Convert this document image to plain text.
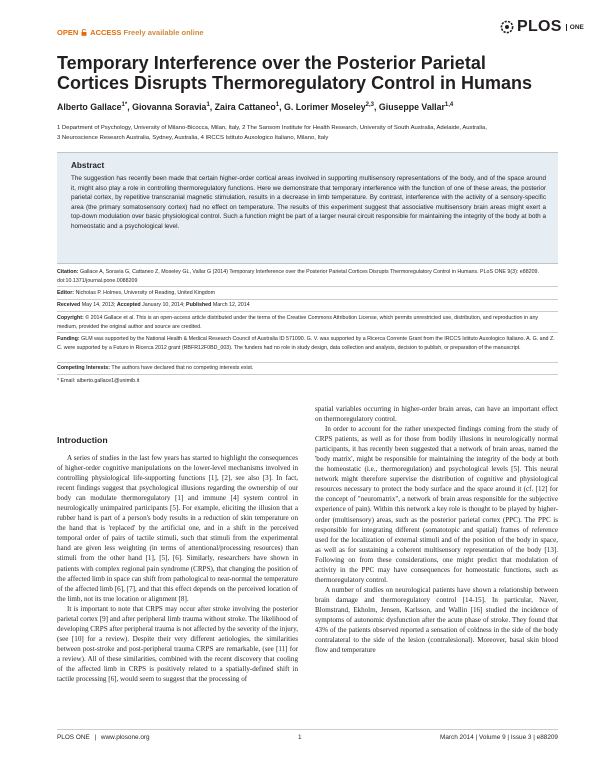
OPEN ACCESS Freely available online	PLOS	ONE
Temporary Interference over the Posterior Parietal Cortices Disrupts Thermoregulatory Control in Humans
Alberto Gallace$^{1*}$, Giovanna Soravia$^1$, Zaira Cattaneo$^1$, G. Lorimer Moseley$^{2,3}$, Giuseppe Vallar$^{1,4}$
1 Department of Psychology, University of Milano-Bicocca, Milan, Italy, 2 The Sansom Institute for Health Research, University of South Australia, Adelaide, Australia,
3 Neuroscience Research Australia, Sydney, Australia, 4 IRCCS Istituto Auxologico Italiano, Milano, Italy
Abstract
The suggestion has recently been made that certain higher-order cortical areas involved in supporting multisensory representations of the body, and of the space around it, might also play a role in controlling thermoregulatory functions. Here we demonstrate that temporary interference with the function of one of these areas, the posterior parietal cortex, by repetitive transcranial magnetic stimulation, results in a decrease in limb temperature. By contrast, interference with the activity of a sensory-specific area (the primary somatosensory cortex) had no effect on temperature. The results of this experiment suggest that associative multisensory brain areas might exert a top-down modulation over basic physiological control. Such a function might be part of a larger neural circuit responsible for maintaining the integrity of the body at both a homeostatic and a psychological level.
Citation: Gallace A, Soravia G, Cattaneo Z, Moseley GL, Vallar G (2014) Temporary Interference over the Posterior Parietal Cortices Disrupts Thermoregulatory Control in Humans. PLoS ONE 9(3): e88209. doi:10.1371/journal.pone.0088209
Editor: Nicholas P. Holmes, University of Reading, United Kingdom
Received May 14, 2013; Accepted January 10, 2014; Published March 12, 2014
Copyright: © 2014 Gallace et al. This is an open-access article distributed under the terms of the Creative Commons Attribution License, which permits unrestricted use, distribution, and reproduction in any medium, provided the original author and source are credited.
Funding: GLM was supported by the National Health & Medical Research Council of Australia ID 571090. G. V. was supported by a Ricerca Corrente Grant from the IRCCS Istituto Auxologico Italiano. A. G. and Z. C. were supported by a Futuro in Ricerca 2012 grant (RBFR12F0BD_003). The funders had no role in study design, data collection and analysis, decision to publish, or preparation of the manuscript.
Competing Interests: The authors have declared that no competing interests exist.
* Email: alberto.gallace1@unimib.it
Introduction

A series of studies in the last few years has started to highlight the consequences of higher-order cognitive manipulations on the lower-level mechanisms involved in controlling physiological life-supporting functions [1], [2], see also [3]. In fact, recent findings suggest that psychological illusions regarding the ownership of our body can modulate thermoregulatory [1] and immune [4] system control in neurologically unimpaired participants [5]. For example, eliciting the illusion that a rubber hand is part of a person's body results in a reduction of skin temperature on the hand that is 'replaced' by the artificial one, and in a shift in the perceived temporal order of pairs of tactile stimuli, such that stimuli from the experimental hand are given less weighting (in terms of attentional/processing resources) than stimuli from the other hand [1], [5], [6]. Similarly, researchers have shown in patients with complex regional pain syndrome (CRPS), that changing the position of the affected limb in space can shift from pathological to near-normal the temperature of the affected limb [6], [7], and that this effect depends on the perceived location of the limb, not its true location or alignment [8].

It is important to note that CRPS may occur after stroke involving the posterior parietal cortex [9] and after peripheral limb trauma without stroke. The likelihood of developing CRPS after peripheral trauma is not affected by the severity of the injury, (see [10] for a review). Despite their very different aetiologies, the similarities between post-stroke and post-peripheral trauma CRPS are remarkable, (see [11] for a review). All of these similarities, combined with the recent discovery that cooling of the affected limb in CRPS is positively related to a spatially-defined shift in tactile processing [6], would seem to suggest that the processing of

spatial variables occurring in higher-order brain areas, can have an important effect on thermoregulatory control.

In order to account for the rather unexpected findings coming from the study of CRPS patients, as well as for those from bodily illusions in neurologically normal participants, it has recently been suggested that a network of brain areas, named the 'body matrix', might be responsible for maintaining the integrity of the body at both the homeostatic (i.e., thermoregulation) and psychological levels [5]. This neural network might therefore supervise the distribution of cognitive and physiological resources necessary to protect the body surface and the space around it (cf. [12] for the concept of "neuromatrix", a network of brain areas responsible for the subjective experience of pain). Within this network a key role is thought to be played by higher-order (multisensory) areas, such as the posterior parietal cortex (PPC). The PPC is responsible for integrating different (somatotopic and spatial) frames of reference used for the localization of external stimuli and of the position of the body in space, as well as for sustaining a coherent multisensory representation of the body [13]. Following on from these considerations, one might predict that modulation of activity in the PPC may have consequences for homeostatic functions, such as thermoregulatory control.

A number of studies on neurological patients have shown a relationship between brain damage and thermoregulatory control [14-15]. In particular, Naver, Blomstrand, Ekholm, Jensen, Karlsson, and Wallin [16] studied the incidence of symptoms of autonomic dysfunction after the acute phase of stroke. They found that 43% of the patients observed reported a sensation of coldness in the side of the body contralateral to the side of the lesion (contralesional). Moreover, basal skin blood flow and temperature

PLOS ONE | www.plosone.org	1	March 2014 | Volume 9 | Issue 3 | e88209
